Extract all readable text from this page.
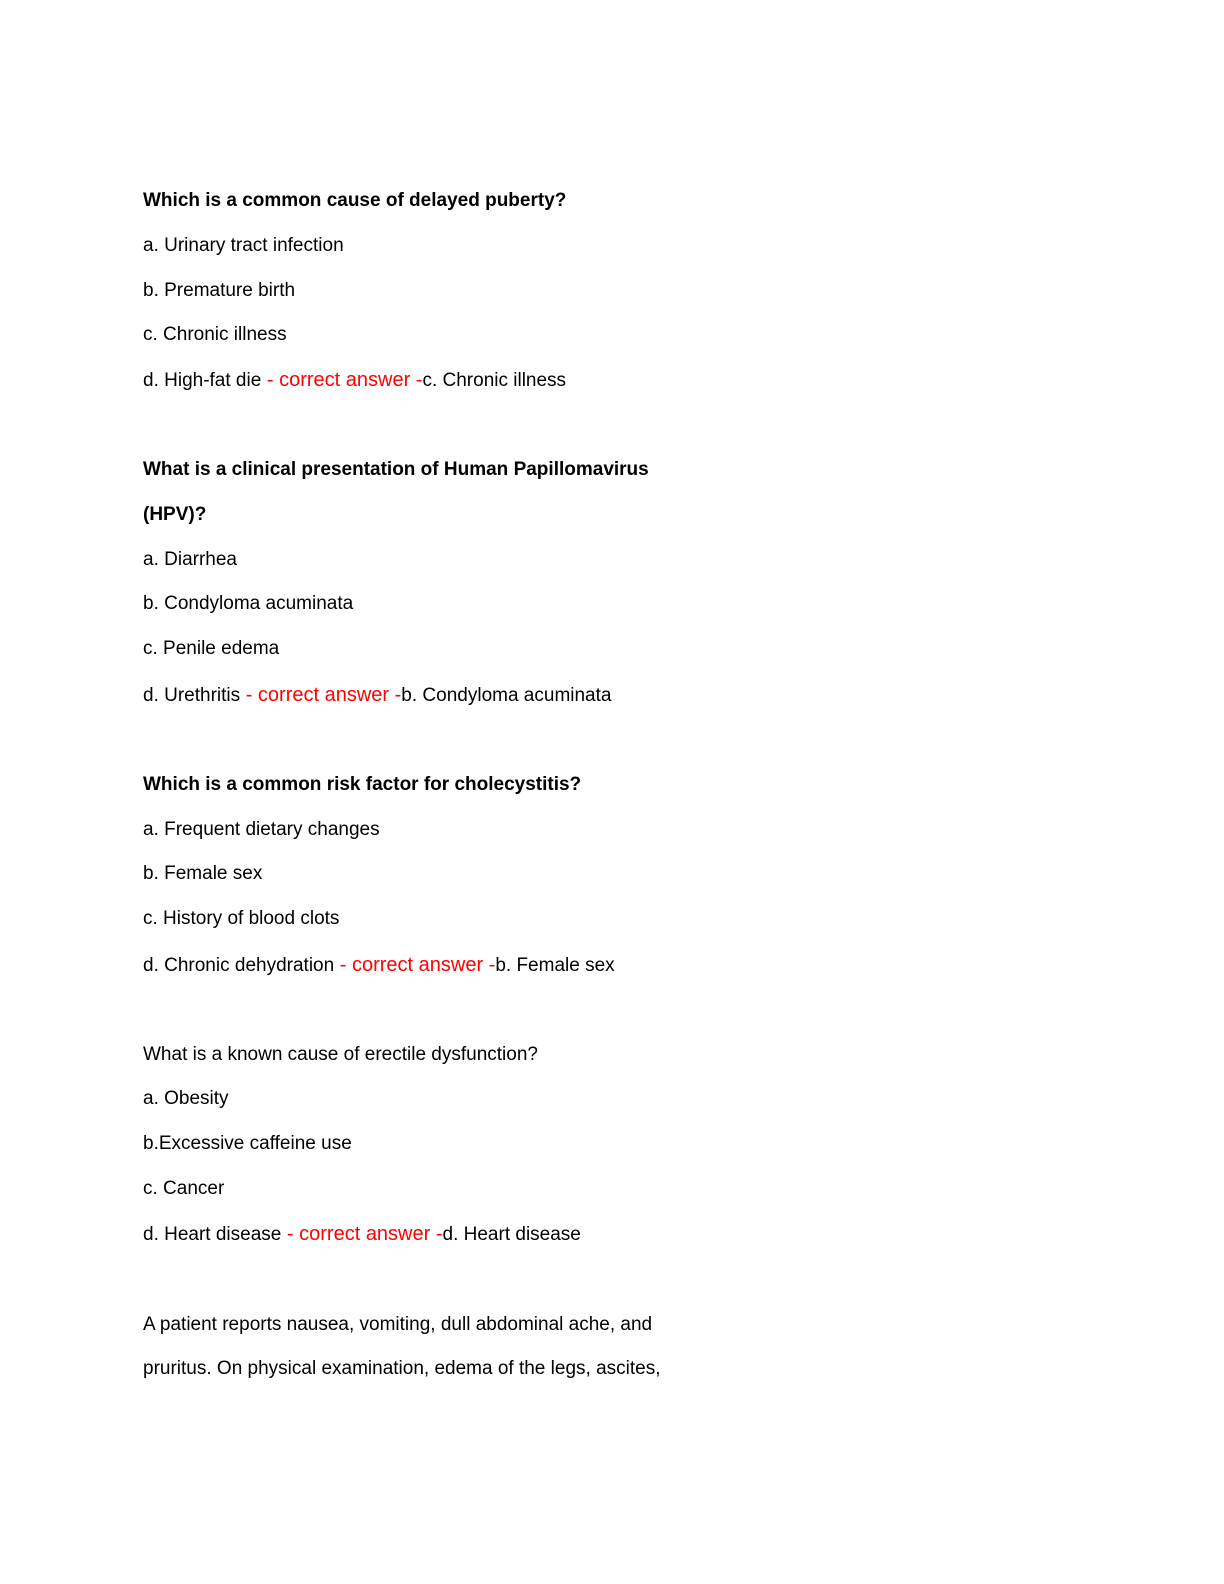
Which is a common cause of delayed puberty?
a. Urinary tract infection
b. Premature birth
c. Chronic illness
d. High-fat die - correct answer -c. Chronic illness
What is a clinical presentation of Human Papillomavirus
(HPV)?
a. Diarrhea
b. Condyloma acuminata
c. Penile edema
d. Urethritis - correct answer -b. Condyloma acuminata
Which is a common risk factor for cholecystitis?
a. Frequent dietary changes
b. Female sex
c. History of blood clots
d. Chronic dehydration - correct answer -b. Female sex
What is a known cause of erectile dysfunction?
a. Obesity
b.Excessive caffeine use
c. Cancer
d. Heart disease - correct answer -d. Heart disease
A patient reports nausea, vomiting, dull abdominal ache, and
pruritus. On physical examination, edema of the legs, ascites,
